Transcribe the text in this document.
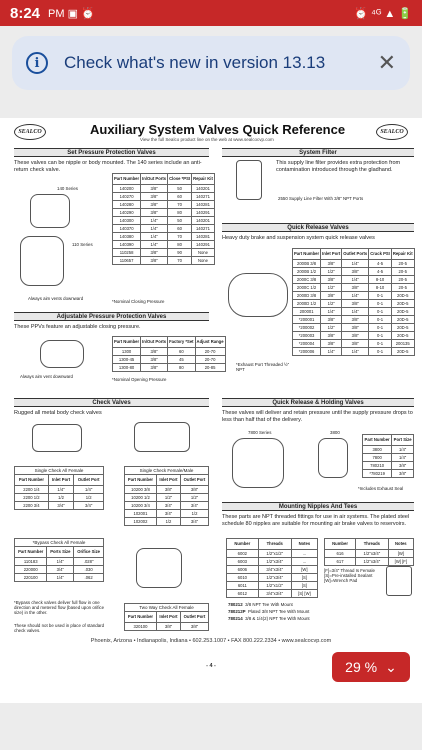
8:24 PM ▣ ⏰	⏰ ⁴ᴳ ▲ 🔋
i	Check what's new in version 13.13 ✕
SEALCO	SEALCO
Auxiliary System Valves Quick Reference
View the full Sealco product line on the web at www.sealcocvp.com
Set Pressure Protection Valves
These valves can be nipple or body mounted. The 140 series include an anti-return check valve.
140 Series
110 Series
Always aim vents downward
Part Number	In/Out Ports	Close *PSI	Repair Kit
140200	3/8"	50	140201
140270	3/8"	60	140271
140280	3/8"	70	140281
140290	3/8"	80	140291
140300	1/4"	50	140201
140370	1/4"	60	140271
140380	1/4"	70	140281
140390	1/4"	80	140291
110258	3/8"	90	None
110657	3/8"	70	None
*Nominal Closing Pressure
Adjustable Pressure Protection Valves
These PPVs feature an adjustable closing pressure.
Always aim vent downward
Part Number	In/Out Ports	Factory *Set	Adjust Range
1300	3/8"	60	20-70
1300-45	3/8"	45	20-70
1300-80	3/8"	80	20-85
*Nominal Opening Pressure
System Filter
This supply line filter provides extra protection from contamination introduced through the gladhand.
2550 Supply Line Filter With 3/8" NPT Ports
Quick Release Valves
Heavy duty brake and suspension system quick release valves
*Exhaust Port Threaded ½" NPT
Part Number	Inlet Port	Outlet Ports	Crack PSI	Repair Kit
2000B 3/8	3/8"	1/4"	4-5	20-5
2000B 1/2	1/2"	3/8"	4-5	20-5
2000C 3/8	3/8"	1/4"	8-10	20-5
2000C 1/2	1/2"	3/8"	8-10	20-5
2000D 3/8	3/8"	1/4"	0-1	20D-5
2000D 1/2	1/2"	3/8"	0-1	20D-5
200001	1/4"	1/4"	0-1	20D-5
*200001	3/8"	3/8"	0-1	20D-5
*200002	1/2"	3/8"	0-1	20D-5
*200003	3/8"	3/8"	0-1	20D-5
*200004	3/8"	3/8"	0-1	200135
*200006	1/4"	1/4"	0-1	20D-5
Check Valves
Rugged all metal body check valves
Single Check All Female
Part Number	Inlet Port	Outlet Port
2200 1/4	1/4"	1/4"
2200 1/2	1/2	1/2
2200 3/4	3/4"	3/4"
Single Check Female/Male
Part Number	Inlet Port	Outlet Port
10200 3/8	3/8"	3/8"
10200 1/2	1/2"	1/2"
10200 3/4	3/4"	3/4"
102001	3/4"	1/2
102002	1/2	3/4"
*Bypass Check All Female
Part Number	Ports Size	Orifice Size
110183	1/4"	.028"
220000	3/4"	.030
220100	1/4"	.062
*Bypass check valves deliver full flow in one direction and metered flow (based upon orifice size) in the other.
These should not be used in place of standard check valves.
Two Way Check All Female
Part Number	Inlet Port	Outlet Port
320100	3/8"	3/8"
Quick Release & Holding Valves
These valves will deliver and retain pressure until the supply pressure drops to less than half that of the delivery.
7800 Series	3800
Part Number	Port Size
3800	1/4"
7800	1/4"
780210	3/8"
*780219	3/8"
*Includes Exhaust Seal
Mounting Nipples And Tees
These parts are NPT threaded fittings for use in air systems. The plated steel schedule 80 nipples are suitable for mounting air brake valves to reservoirs.
Number	Threads	Notes
6002	1/2"x1/2"	...
6003	1/2"x3/4"	...
6006	3/4"x3/4"	[W]
6010	1/2"x3/4"	[S]
6011	1/2"x1/2"	[S]
6012	3/4"x3/4"	[S] [W]
Number	Threads	Notes
616	1/2"x3/4"	[W]
617	1/2"x3/4"	[W] [F]
[F]=3/4" Thread Is Female [S]=Pre-installed Sealant [W]=Wrench Pad
780212 3/8 NPT Tee With Mount
780212P Plated 3/8 NPT Tee With Mount
780214 3/8 & 1/4(2) NPT Tee With Mount
Phoenix, Arizona • Indianapolis, Indiana • 602.253.1007 • FAX 800.222.2334 • www.sealcocvp.com
- 4 -	29 % ⌄
